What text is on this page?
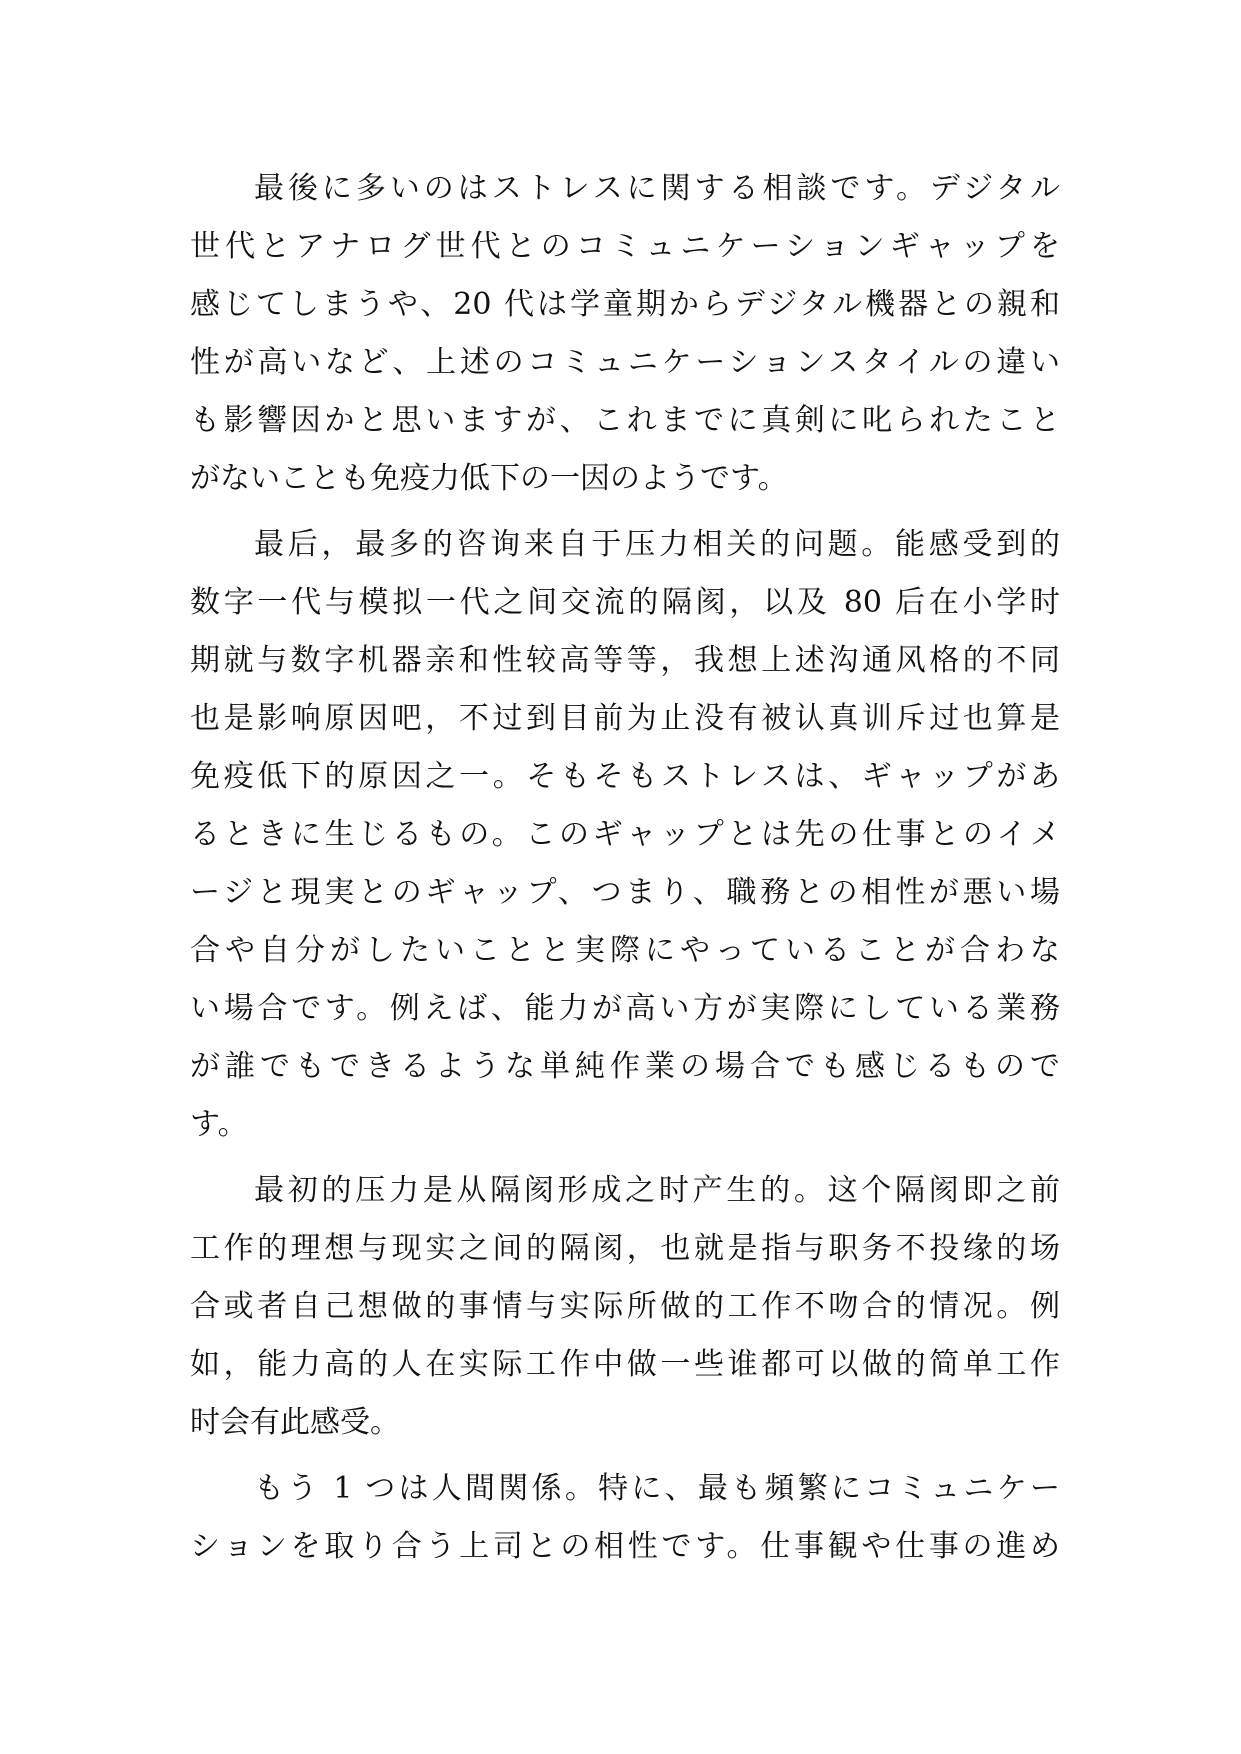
最後に多いのはストレスに関する相談です。デジタル
世代とアナログ世代とのコミュニケーションギャップを
感じてしまうや、20 代は学童期からデジタル機器との親和
性が高いなど、上述のコミュニケーションスタイルの違い
も影響因かと思いますが、これまでに真剣に叱られたこと
がないことも免疫力低下の一因のようです。
最后，最多的咨询来自于压力相关的问题。能感受到的
数字一代与模拟一代之间交流的隔阂，以及 80 后在小学时
期就与数字机器亲和性较高等等，我想上述沟通风格的不同
也是影响原因吧，不过到目前为止没有被认真训斥过也算是
免疫低下的原因之一。そもそもストレスは、ギャップがあ
るときに生じるもの。このギャップとは先の仕事とのイメ
ージと現実とのギャップ、つまり、職務との相性が悪い場
合や自分がしたいことと実際にやっていることが合わな
い場合です。例えば、能力が高い方が実際にしている業務
が誰でもできるような単純作業の場合でも感じるもので
す。
最初的压力是从隔阂形成之时产生的。这个隔阂即之前
工作的理想与现实之间的隔阂，也就是指与职务不投缘的场
合或者自己想做的事情与实际所做的工作不吻合的情况。例
如，能力高的人在实际工作中做一些谁都可以做的简单工作
时会有此感受。
もう 1 つは人間関係。特に、最も頻繁にコミュニケー
ションを取り合う上司との相性です。仕事観や仕事の進め
